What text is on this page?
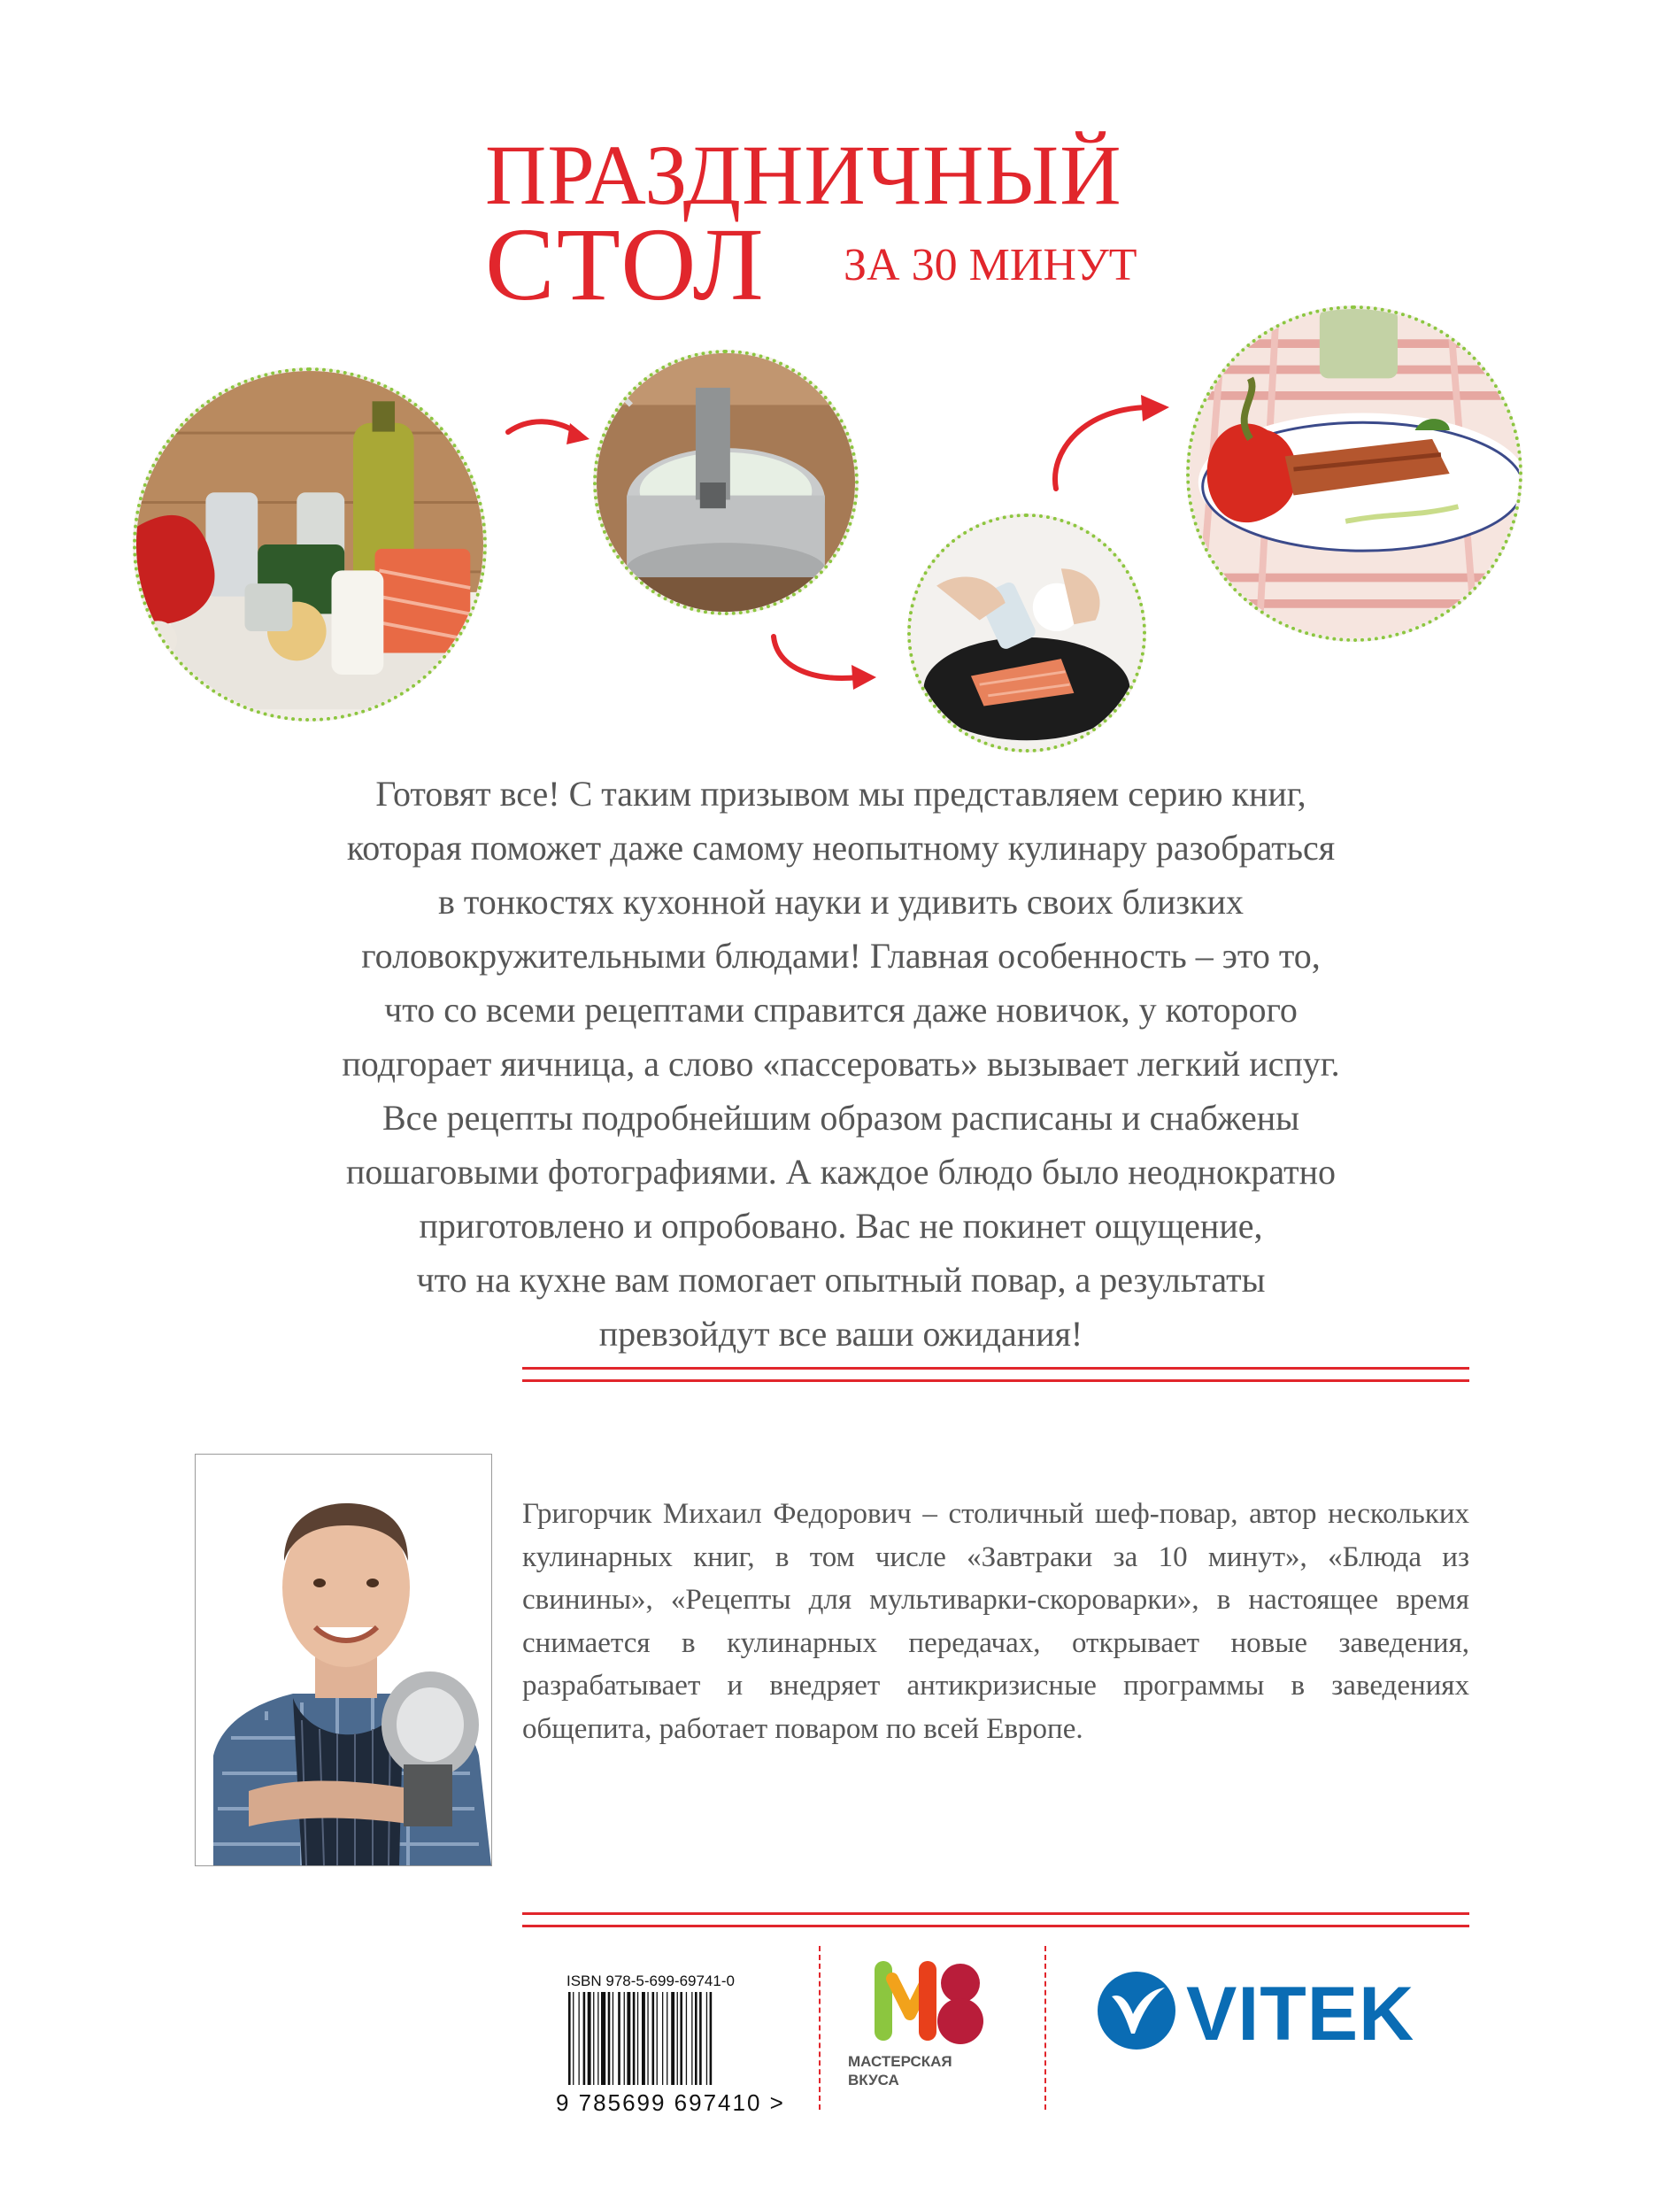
ПРАЗДНИЧНЫЙ
СТОЛ ЗА 30 МИНУТ
Готовят все! С таким призывом мы представляем серию книг,
которая поможет даже самому неопытному кулинару разобраться
в тонкостях кухонной науки и удивить своих близких
головокружительными блюдами! Главная особенность – это то,
что со всеми рецептами справится даже новичок, у которого
подгорает яичница, а слово «пассеровать» вызывает легкий испуг.
Все рецепты подробнейшим образом расписаны и снабжены
пошаговыми фотографиями. А каждое блюдо было неоднократно
приготовлено и опробовано. Вас не покинет ощущение,
что на кухне вам помогает опытный повар, а результаты
превзойдут все ваши ожидания!
Григорчик Михаил Федорович – столичный шеф-повар, автор нескольких кулинарных книг, в том числе «Завтраки за 10 минут», «Блюда из свинины», «Рецепты для мультиварки-скороварки», в настоящее время снимается в кулинарных передачах, открывает новые заведения, разрабатывает и внедряет антикризисные программы в заведениях общепита, работает поваром по всей Европе.
ISBN 978-5-699-69741-0
9 785699 697410 >
МАСТЕРСКАЯ
ВКУСА
VITEK
